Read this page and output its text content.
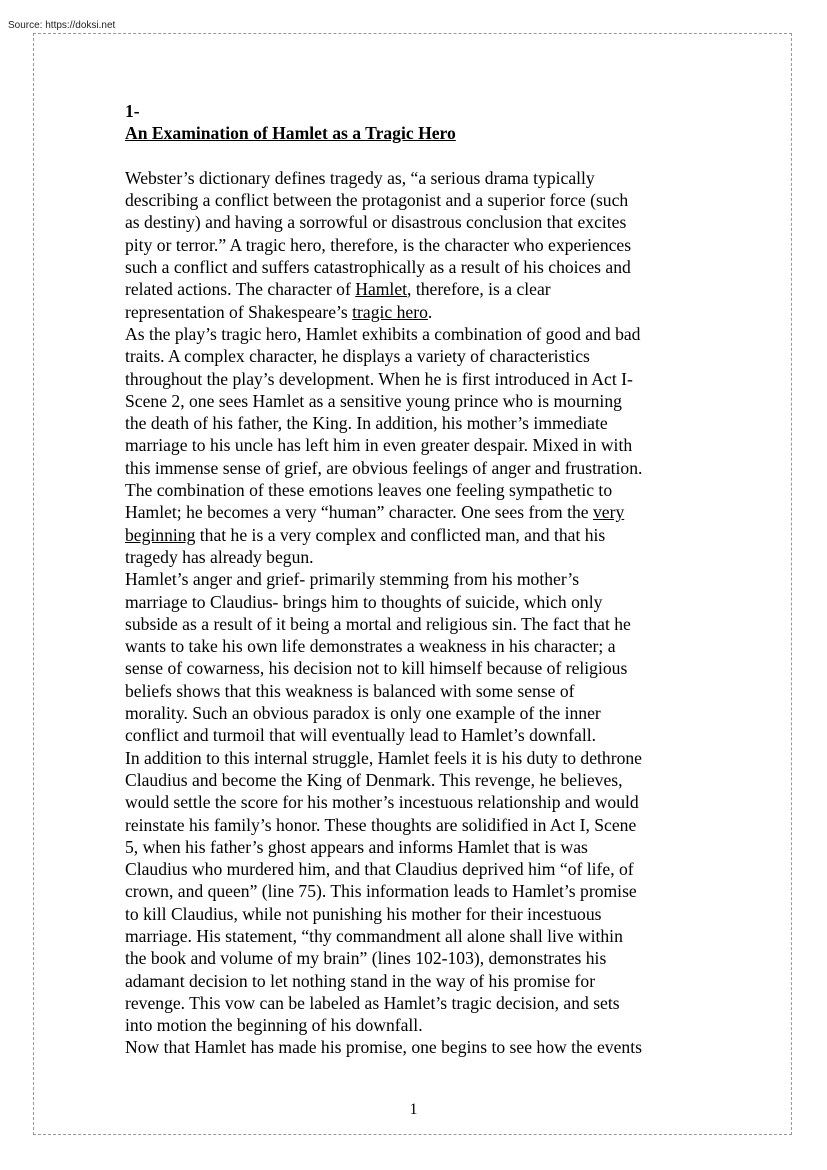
Source: https://doksi.net
1-
An Examination of Hamlet as a Tragic Hero
Webster’s dictionary defines tragedy as, “a serious drama typically
describing a conflict between the protagonist and a superior force (such
as destiny) and having a sorrowful or disastrous conclusion that excites
pity or terror.” A tragic hero, therefore, is the character who experiences
such a conflict and suffers catastrophically as a result of his choices and
related actions. The character of Hamlet, therefore, is a clear
representation of Shakespeare’s tragic hero.
As the play’s tragic hero, Hamlet exhibits a combination of good and bad
traits. A complex character, he displays a variety of characteristics
throughout the play’s development. When he is first introduced in Act I-
Scene 2, one sees Hamlet as a sensitive young prince who is mourning
the death of his father, the King. In addition, his mother’s immediate
marriage to his uncle has left him in even greater despair. Mixed in with
this immense sense of grief, are obvious feelings of anger and frustration.
The combination of these emotions leaves one feeling sympathetic to
Hamlet; he becomes a very “human” character. One sees from the very
beginning that he is a very complex and conflicted man, and that his
tragedy has already begun.
Hamlet’s anger and grief- primarily stemming from his mother’s
marriage to Claudius- brings him to thoughts of suicide, which only
subside as a result of it being a mortal and religious sin. The fact that he
wants to take his own life demonstrates a weakness in his character; a
sense of cowarness, his decision not to kill himself because of religious
beliefs shows that this weakness is balanced with some sense of
morality. Such an obvious paradox is only one example of the inner
conflict and turmoil that will eventually lead to Hamlet’s downfall.
In addition to this internal struggle, Hamlet feels it is his duty to dethrone
Claudius and become the King of Denmark. This revenge, he believes,
would settle the score for his mother’s incestuous relationship and would
reinstate his family’s honor. These thoughts are solidified in Act I, Scene
5, when his father’s ghost appears and informs Hamlet that is was
Claudius who murdered him, and that Claudius deprived him “of life, of
crown, and queen” (line 75). This information leads to Hamlet’s promise
to kill Claudius, while not punishing his mother for their incestuous
marriage. His statement, “thy commandment all alone shall live within
the book and volume of my brain” (lines 102-103), demonstrates his
adamant decision to let nothing stand in the way of his promise for
revenge. This vow can be labeled as Hamlet’s tragic decision, and sets
into motion the beginning of his downfall.
Now that Hamlet has made his promise, one begins to see how the events
1
